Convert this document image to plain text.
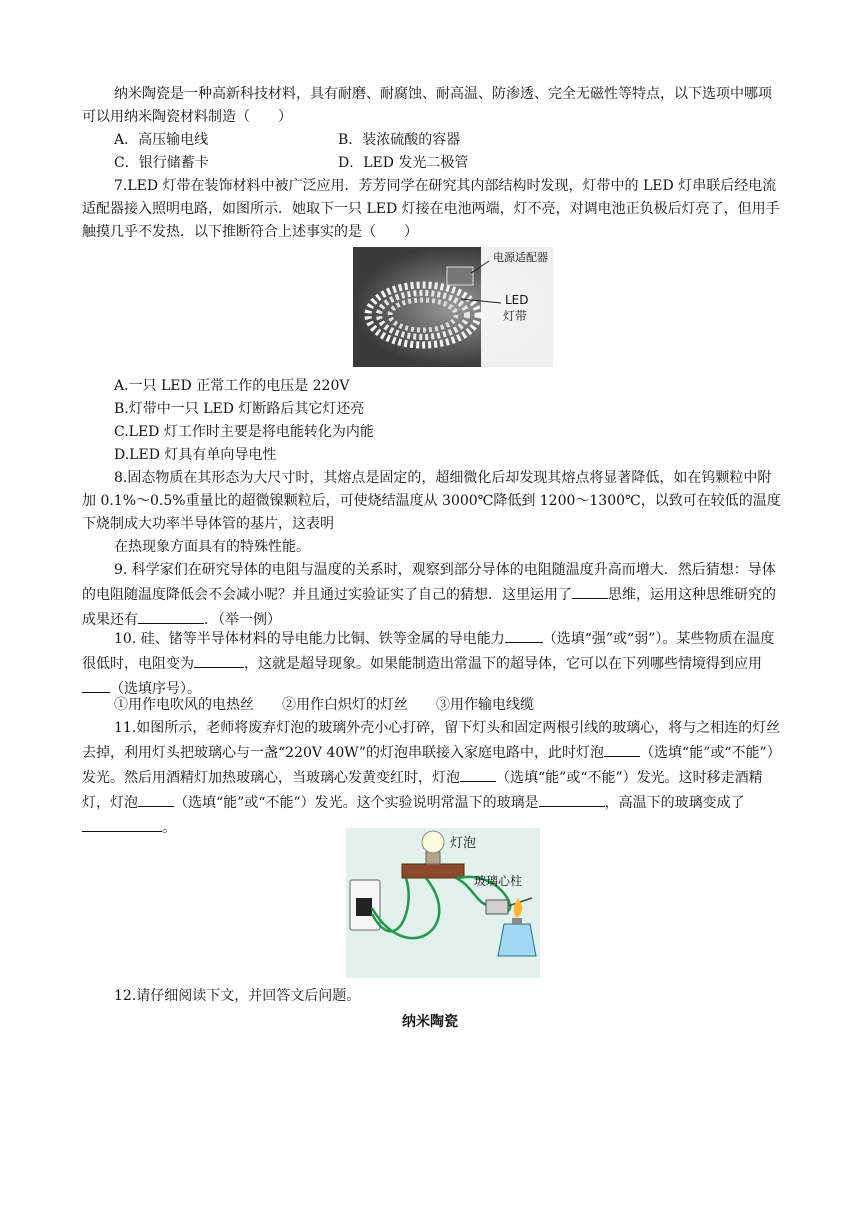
纳米陶瓷是一种高新科技材料，具有耐磨、耐腐蚀、耐高温、防渗透、完全无磁性等特点，以下选项中哪项可以用纳米陶瓷材料制造（　　）

A．高压输电线	B．装浓硫酸的容器
C．银行储蓄卡	D．LED 发光二极管

7.LED 灯带在装饰材料中被广泛应用．芳芳同学在研究其内部结构时发现，灯带中的 LED 灯串联后经电流适配器接入照明电路，如图所示．她取下一只 LED 灯接在电池两端，灯不亮，对调电池正负极后灯亮了，但用手触摸几乎不发热．以下推断符合上述事实的是（　　）

电源适配器
LED
灯带
A.一只 LED 正常工作的电压是 220V
B.灯带中一只 LED 灯断路后其它灯还亮
C.LED 灯工作时主要是将电能转化为内能
D.LED 灯具有单向导电性

8.固态物质在其形态为大尺寸时，其熔点是固定的，超细微化后却发现其熔点将显著降低，如在钨颗粒中附加 0.1%～0.5%重量比的超微镍颗粒后，可使烧结温度从 3000℃降低到 1200～1300℃，以致可在较低的温度下烧制成大功率半导体管的基片，这表明

在热现象方面具有的特殊性能。

9. 科学家们在研究导体的电阻与温度的关系时，观察到部分导体的电阻随温度升高而增大．然后猜想：导体的电阻随温度降低会不会减小呢？并且通过实验证实了自己的猜想．这里运用了	思维，运用这种思维研究的成果还有	．（举一例）

10. 硅、锗等半导体材料的导电能力比铜、铁等金属的导电能力	（选填“强”或“弱”）。某些物质在温度很低时，电阻变为	，这就是超导现象。如果能制造出常温下的超导体，它可以在下列哪些情境得到应用（选填序号）。

①用作电吹风的电热丝　　②用作白炽灯的灯丝　　③用作输电线缆

11.如图所示，老师将废弃灯泡的玻璃外壳小心打碎，留下灯头和固定两根引线的玻璃心，将与之相连的灯丝去掉，利用灯头把玻璃心与一盏“220V 40W”的灯泡串联接入家庭电路中，此时灯泡	（选填“能”或“不能”）发光。然后用酒精灯加热玻璃心，当玻璃心发黄变红时，灯泡	（选填“能”或“不能”）发光。这时移走酒精灯，灯泡	（选填“能”或“不能”）发光。这个实验说明常温下的玻璃是	，高温下的玻璃变成了。

灯泡
玻璃心柱
12.请仔细阅读下文，并回答文后问题。
纳米陶瓷
